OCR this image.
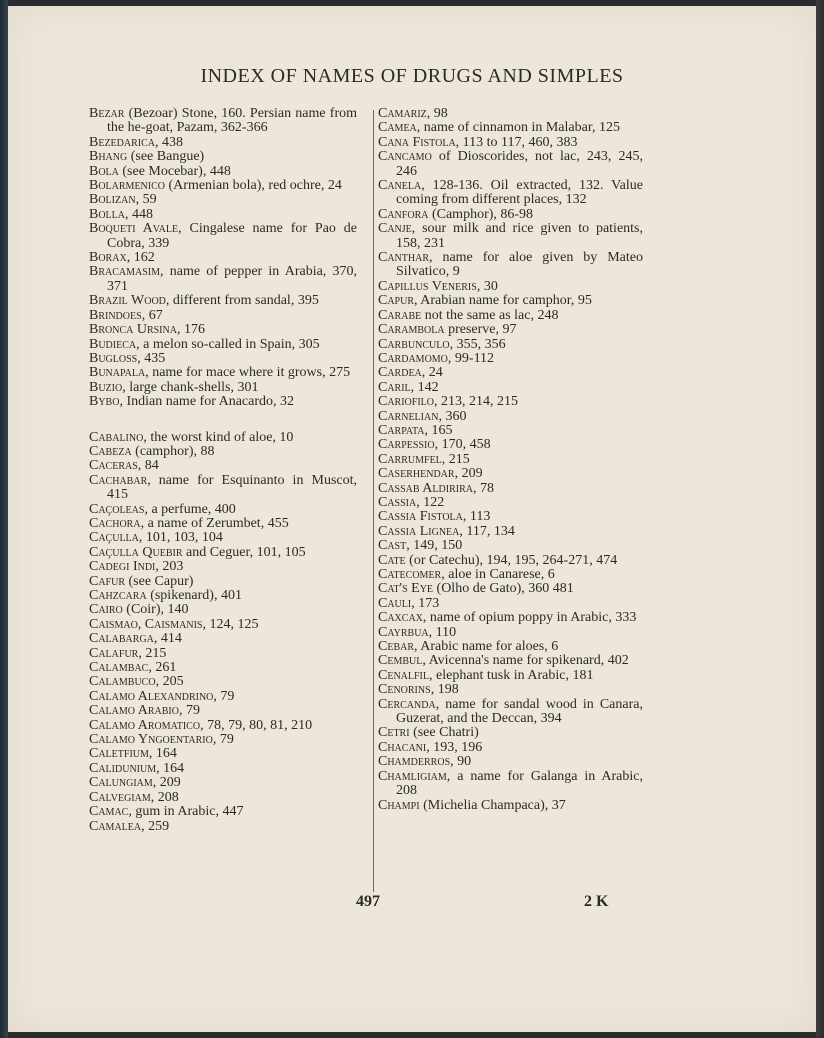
INDEX OF NAMES OF DRUGS AND SIMPLES
Bezar (Bezoar) Stone, 160. Persian name from the he-goat, Pazam, 362-366
Bezedarica, 438
Bhang (see Bangue)
Bola (see Mocebar), 448
Bolarmenico (Armenian bola), red ochre, 24
Bolizan, 59
Bolla, 448
Boqueti Avale, Cingalese name for Pao de Cobra, 339
Borax, 162
Bracamasim, name of pepper in Arabia, 370, 371
Brazil Wood, different from sandal, 395
Brindoes, 67
Bronca Ursina, 176
Budieca, a melon so-called in Spain, 305
Bugloss, 435
Bunapala, name for mace where it grows, 275
Buzio, large chank-shells, 301
Bybo, Indian name for Anacardo, 32
Cabalino, the worst kind of aloe, 10
Cabeza (camphor), 88
Caceras, 84
Cachabar, name for Esquinanto in Muscot, 415
Caçoleas, a perfume, 400
Cachora, a name of Zerumbet, 455
Caçulla, 101, 103, 104
Caçulla Quebir and Ceguer, 101, 105
Cadegi Indi, 203
Cafur (see Capur)
Cahzcara (spikenard), 401
Cairo (Coir), 140
Caismao, Caismanis, 124, 125
Calabarga, 414
Calafur, 215
Calambac, 261
Calambuco, 205
Calamo Alexandrino, 79
Calamo Arabio, 79
Calamo Aromatico, 78, 79, 80, 81, 210
Calamo Yngoentario, 79
Caletfium, 164
Calidunium, 164
Calungiam, 209
Calvegiam, 208
Camac, gum in Arabic, 447
Camalea, 259
Camariz, 98
Camea, name of cinnamon in Malabar, 125
Cana Fistola, 113 to 117, 460, 383
Cancamo of Dioscorides, not lac, 243, 245, 246
Canela, 128-136. Oil extracted, 132. Value coming from different places, 132
Canfora (Camphor), 86-98
Canje, sour milk and rice given to patients, 158, 231
Canthar, name for aloe given by Mateo Silvatico, 9
Capillus Veneris, 30
Capur, Arabian name for camphor, 95
Carabe not the same as lac, 248
Carambola preserve, 97
Carbunculo, 355, 356
Cardamomo, 99-112
Cardea, 24
Caril, 142
Cariofilo, 213, 214, 215
Carnelian, 360
Carpata, 165
Carpessio, 170, 458
Carrumfel, 215
Caserhendar, 209
Cassab Aldirira, 78
Cassia, 122
Cassia Fistola, 113
Cassia Lignea, 117, 134
Cast, 149, 150
Cate (or Catechu), 194, 195, 264-271, 474
Catecomer, aloe in Canarese, 6
Cat's Eye (Olho de Gato), 360 481
Cauli, 173
Caxcax, name of opium poppy in Arabic, 333
Cayrbua, 110
Cebar, Arabic name for aloes, 6
Cembul, Avicenna's name for spikenard, 402
Cenalfil, elephant tusk in Arabic, 181
Cenorins, 198
Cercanda, name for sandal wood in Canara, Guzerat, and the Deccan, 394
Cetri (see Chatri)
Chacani, 193, 196
Chamderros, 90
Chamligiam, a name for Galanga in Arabic, 208
Champi (Michelia Champaca), 37
497	2 K
